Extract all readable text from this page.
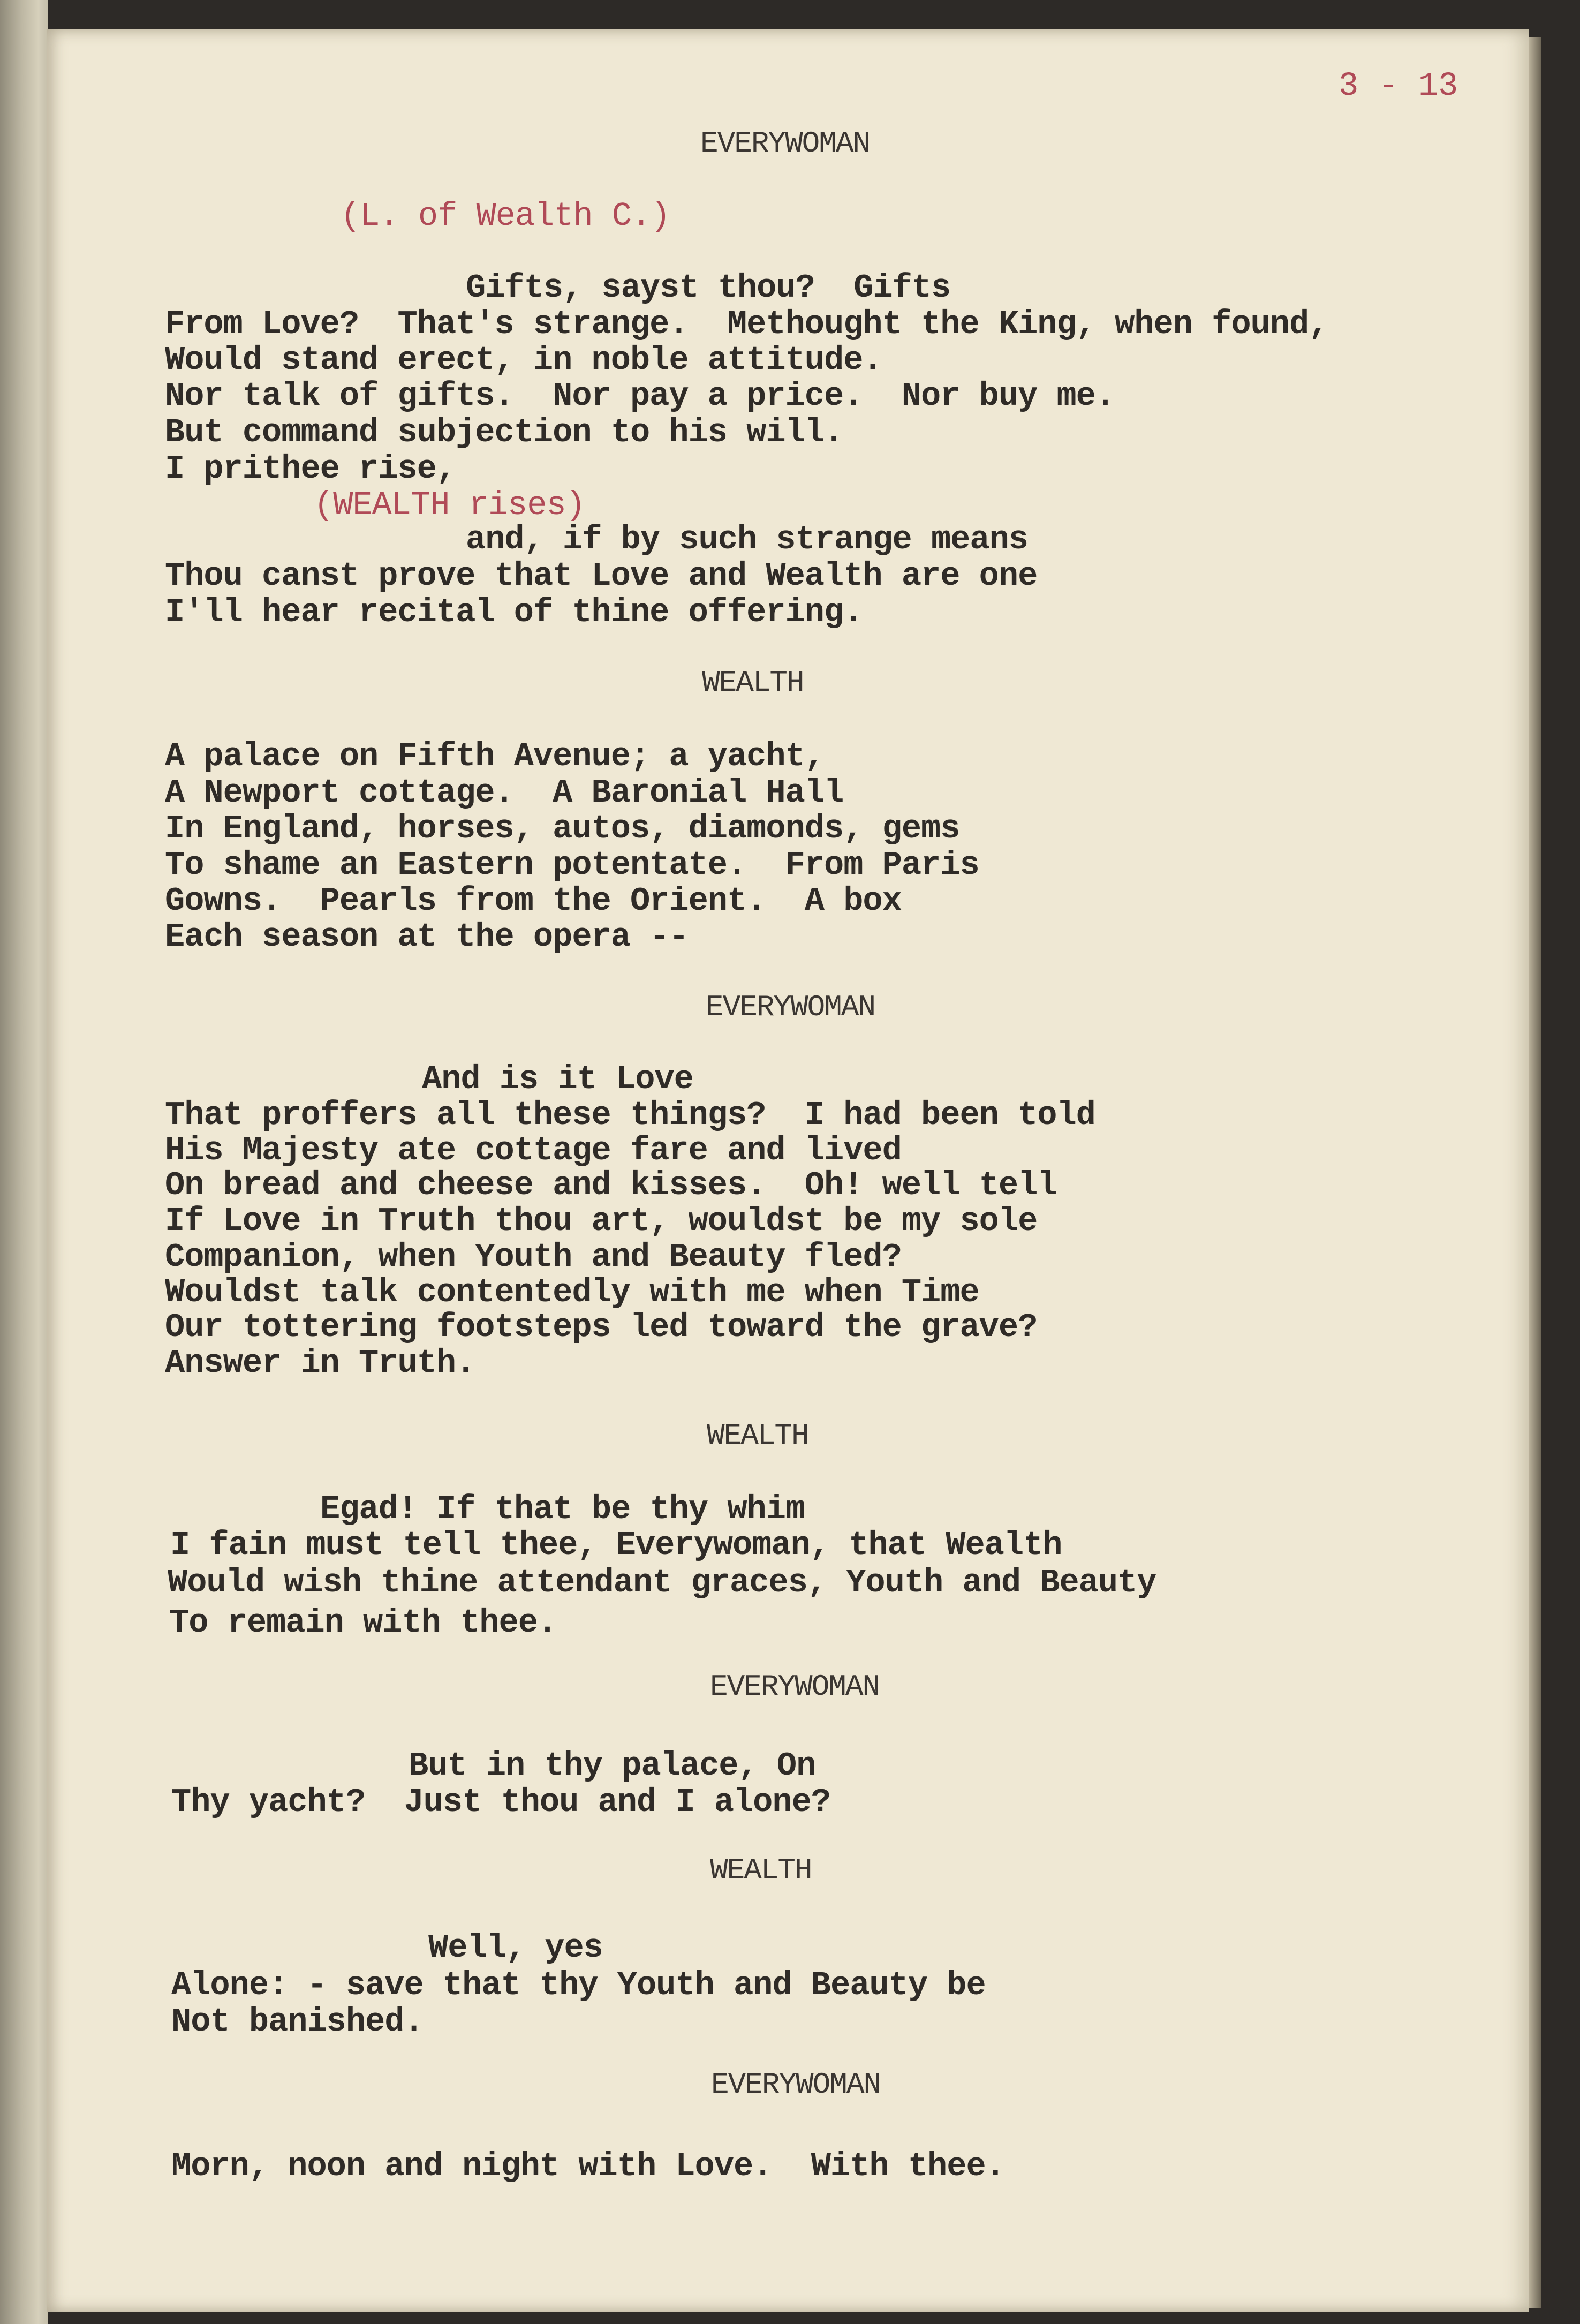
3 - 13
EVERYWOMAN
(L. of Wealth C.)
Gifts, sayst thou?  Gifts
From Love?  That's strange.  Methought the King, when found,
Would stand erect, in noble attitude.
Nor talk of gifts.  Nor pay a price.  Nor buy me.
But command subjection to his will.
I prithee rise,
(WEALTH rises)
and, if by such strange means
Thou canst prove that Love and Wealth are one
I'll hear recital of thine offering.
WEALTH
A palace on Fifth Avenue; a yacht,
A Newport cottage.  A Baronial Hall
In England, horses, autos, diamonds, gems
To shame an Eastern potentate.  From Paris
Gowns.  Pearls from the Orient.  A box
Each season at the opera --
EVERYWOMAN
And is it Love
That proffers all these things?  I had been told
His Majesty ate cottage fare and lived
On bread and cheese and kisses.  Oh! well tell
If Love in Truth thou art, wouldst be my sole
Companion, when Youth and Beauty fled?
Wouldst talk contentedly with me when Time
Our tottering footsteps led toward the grave?
Answer in Truth.
WEALTH
Egad! If that be thy whim
I fain must tell thee, Everywoman, that Wealth
Would wish thine attendant graces, Youth and Beauty
To remain with thee.
EVERYWOMAN
But in thy palace, On
Thy yacht?  Just thou and I alone?
WEALTH
Well, yes
Alone: - save that thy Youth and Beauty be
Not banished.
EVERYWOMAN
Morn, noon and night with Love.  With thee.
